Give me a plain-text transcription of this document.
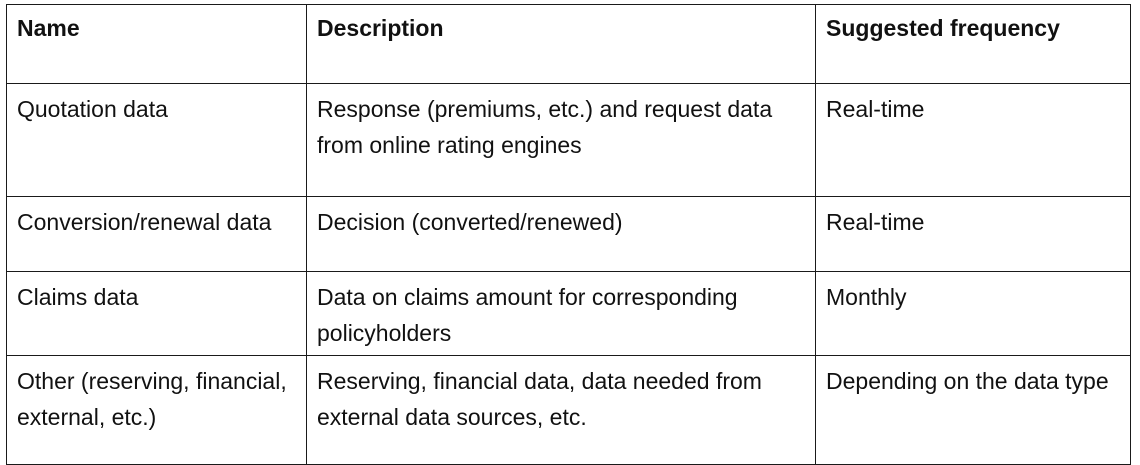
Name	Description	Suggested frequency
Quotation data	Response (premiums, etc.) and request data from online rating engines	Real-time
Conversion/renewal data	Decision (converted/renewed)	Real-time
Claims data	Data on claims amount for corresponding policyholders	Monthly
Other (reserving, financial, external, etc.)	Reserving, financial data, data needed from external data sources, etc.	Depending on the data type
